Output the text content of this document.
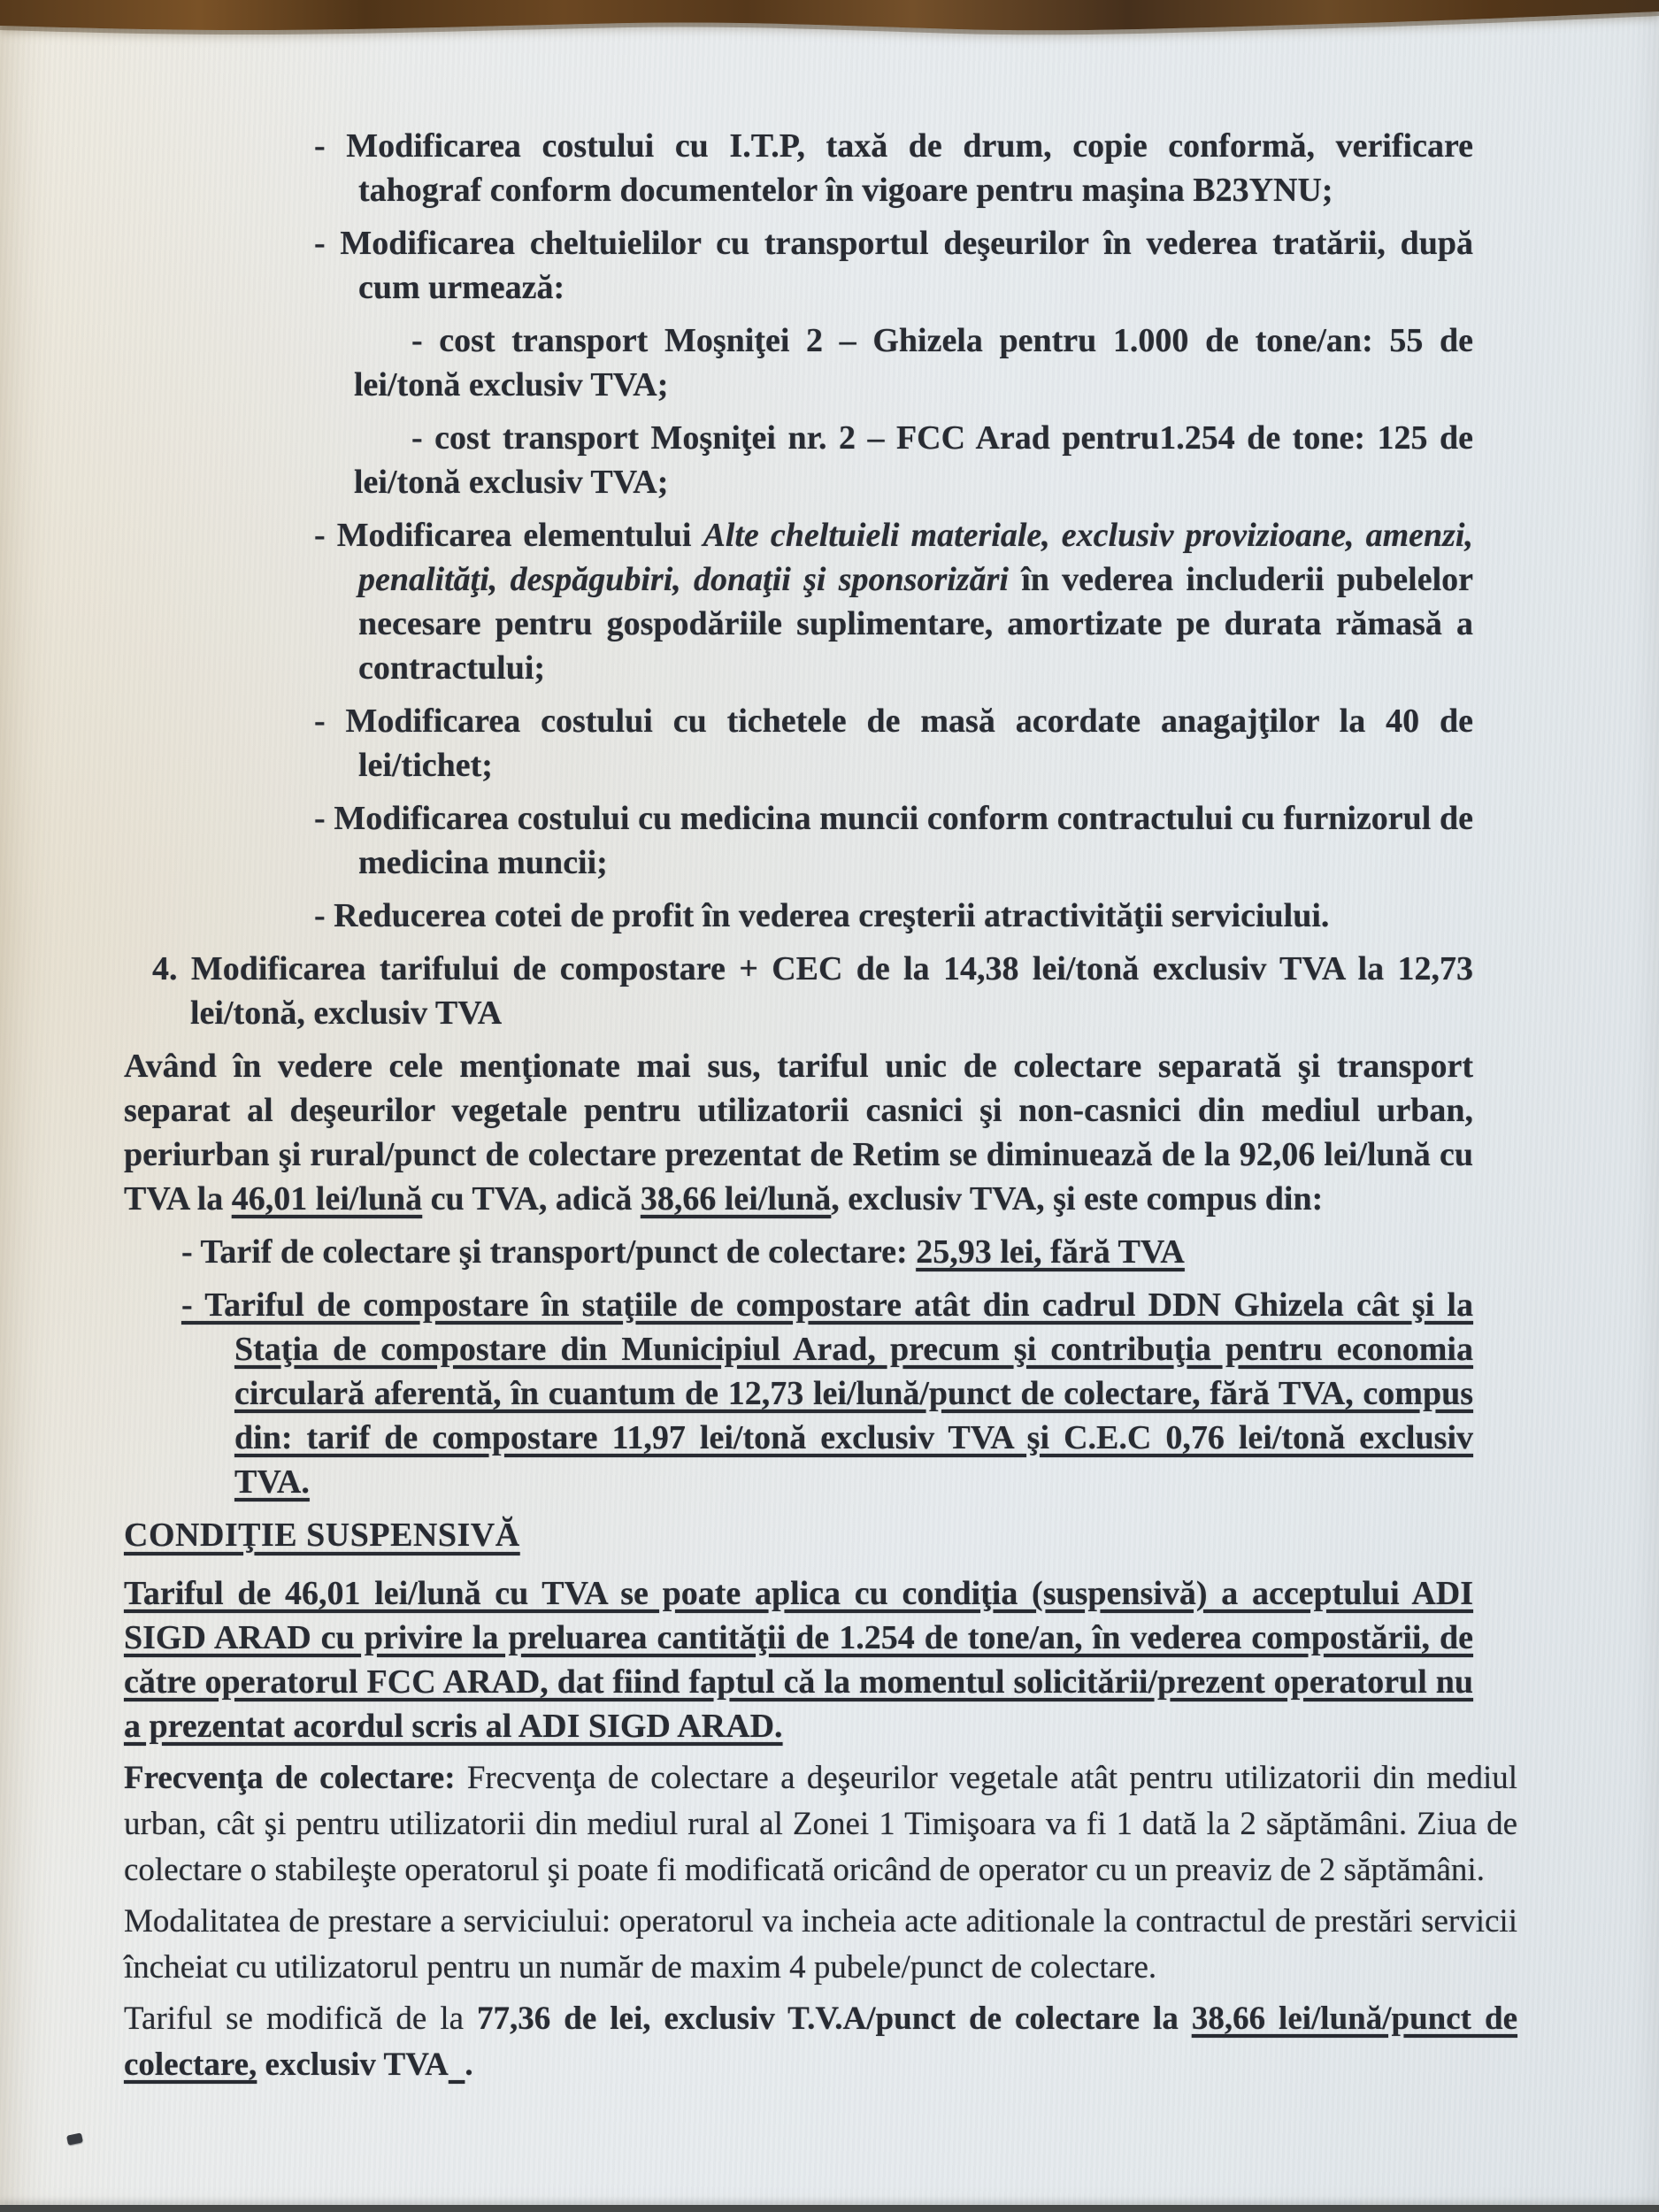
- Modificarea costului cu I.T.P, taxă de drum, copie conformă, verificare tahograf conform documentelor în vigoare pentru maşina B23YNU;

- Modificarea cheltuielilor cu transportul deşeurilor în vederea tratării, după cum urmează:

- cost transport Moşniţei 2 – Ghizela pentru 1.000 de tone/an: 55 de lei/tonă exclusiv TVA;

- cost transport Moşniţei nr. 2 – FCC Arad pentru1.254 de tone: 125 de lei/tonă exclusiv TVA;

- Modificarea elementului Alte cheltuieli materiale, exclusiv provizioane, amenzi, penalităţi, despăgubiri, donaţii şi sponsorizări în vederea includerii pubelelor necesare pentru gospodăriile suplimentare, amortizate pe durata rămasă a contractului;

- Modificarea costului cu tichetele de masă acordate anagajţilor la 40 de lei/tichet;

- Modificarea costului cu medicina muncii conform contractului cu furnizorul de medicina muncii;

- Reducerea cotei de profit în vederea creşterii atractivităţii serviciului.

4. Modificarea tarifului de compostare + CEC de la 14,38 lei/tonă exclusiv TVA la 12,73 lei/tonă, exclusiv TVA

Având în vedere cele menţionate mai sus, tariful unic de colectare separată şi transport separat al deşeurilor vegetale pentru utilizatorii casnici şi non-casnici din mediul urban, periurban şi rural/punct de colectare prezentat de Retim se diminuează de la 92,06 lei/lună cu TVA la 46,01 lei/lună cu TVA, adică 38,66 lei/lună, exclusiv TVA, şi este compus din:

- Tarif de colectare şi transport/punct de colectare: 25,93 lei, fără TVA

- Tariful de compostare în staţiile de compostare atât din cadrul DDN Ghizela cât şi la Staţia de compostare din Municipiul Arad, precum şi contribuţia pentru economia circulară aferentă, în cuantum de 12,73 lei/lună/punct de colectare, fără TVA, compus din: tarif de compostare 11,97 lei/tonă exclusiv TVA şi C.E.C 0,76 lei/tonă exclusiv TVA.

CONDIŢIE SUSPENSIVĂ

Tariful de 46,01 lei/lună cu TVA se poate aplica cu condiţia (suspensivă) a acceptului ADI SIGD ARAD cu privire la preluarea cantităţii de 1.254 de tone/an, în vederea compostării, de către operatorul FCC ARAD, dat fiind faptul că la momentul solicitării/prezent operatorul nu a prezentat acordul scris al ADI SIGD ARAD.

Frecvenţa de colectare: Frecvenţa de colectare a deşeurilor vegetale atât pentru utilizatorii din mediul urban, cât şi pentru utilizatorii din mediul rural al Zonei 1 Timişoara va fi 1 dată la 2 săptămâni. Ziua de colectare o stabileşte operatorul şi poate fi modificată oricând de operator cu un preaviz de 2 săptămâni.

Modalitatea de prestare a serviciului: operatorul va incheia acte aditionale la contractul de prestări servicii încheiat cu utilizatorul pentru un număr de maxim 4 pubele/punct de colectare.

Tariful se modifică de la 77,36 de lei, exclusiv T.V.A/punct de colectare la 38,66 lei/lună/punct de colectare, exclusiv TVA .
